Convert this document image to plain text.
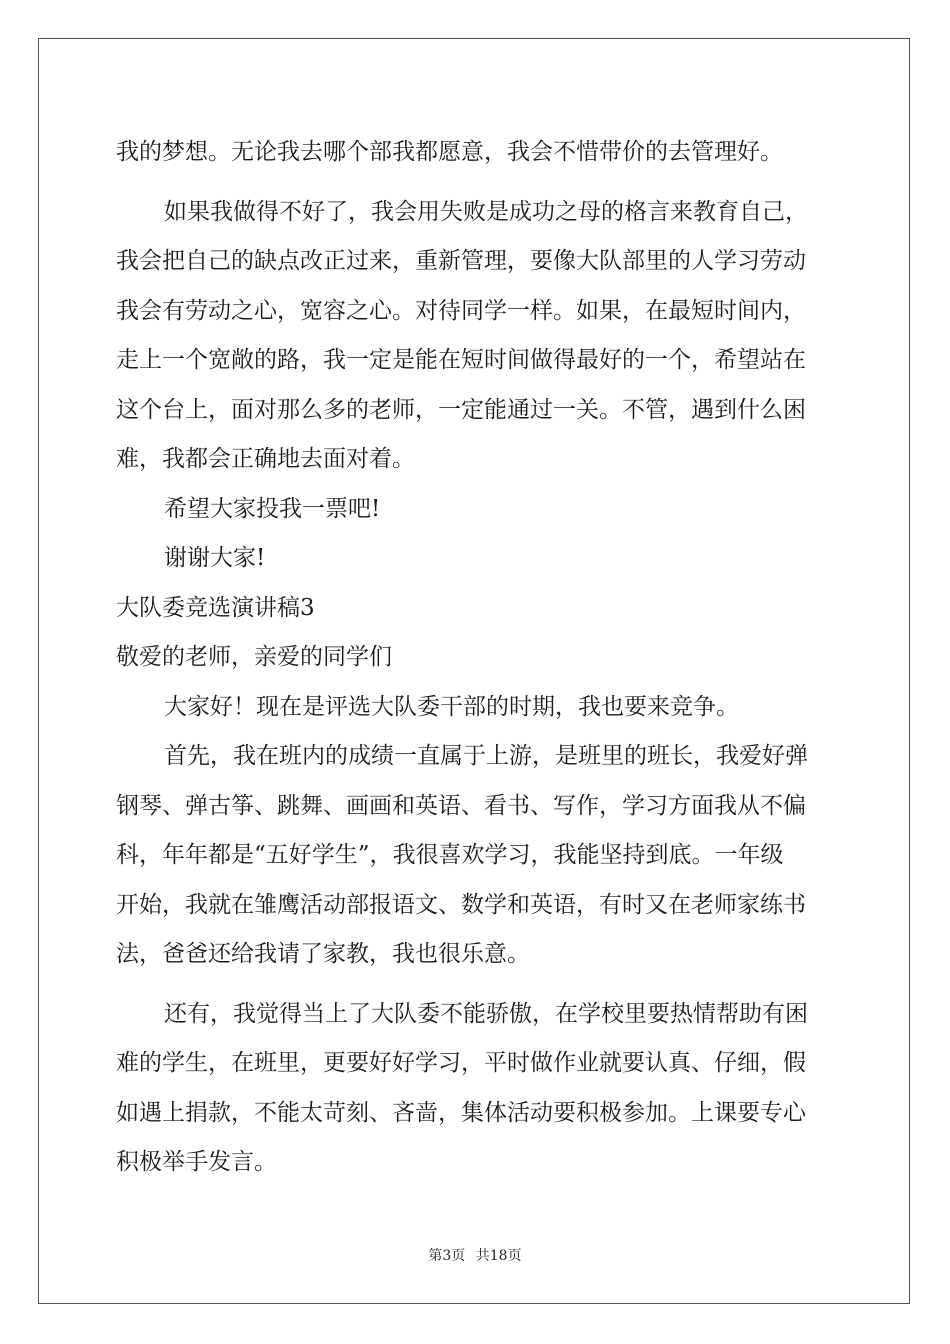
我的梦想。无论我去哪个部我都愿意，我会不惜带价的去管理好。
如果我做得不好了，我会用失败是成功之母的格言来教育自己，
我会把自己的缺点改正过来，重新管理，要像大队部里的人学习劳动
我会有劳动之心，宽容之心。对待同学一样。如果，在最短时间内，
走上一个宽敞的路，我一定是能在短时间做得最好的一个，希望站在
这个台上，面对那么多的老师，一定能通过一关。不管，遇到什么困
难，我都会正确地去面对着。
希望大家投我一票吧!
谢谢大家!
大队委竞选演讲稿3
敬爱的老师，亲爱的同学们
大家好！现在是评选大队委干部的时期，我也要来竞争。
首先，我在班内的成绩一直属于上游，是班里的班长，我爱好弹
钢琴、弹古筝、跳舞、画画和英语、看书、写作，学习方面我从不偏
科，年年都是“五好学生”，我很喜欢学习，我能坚持到底。一年级
开始，我就在雏鹰活动部报语文、数学和英语，有时又在老师家练书
法，爸爸还给我请了家教，我也很乐意。
还有，我觉得当上了大队委不能骄傲，在学校里要热情帮助有困
难的学生，在班里，更要好好学习，平时做作业就要认真、仔细，假
如遇上捐款，不能太苛刻、吝啬，集体活动要积极参加。上课要专心
积极举手发言。
第3页 共18页
